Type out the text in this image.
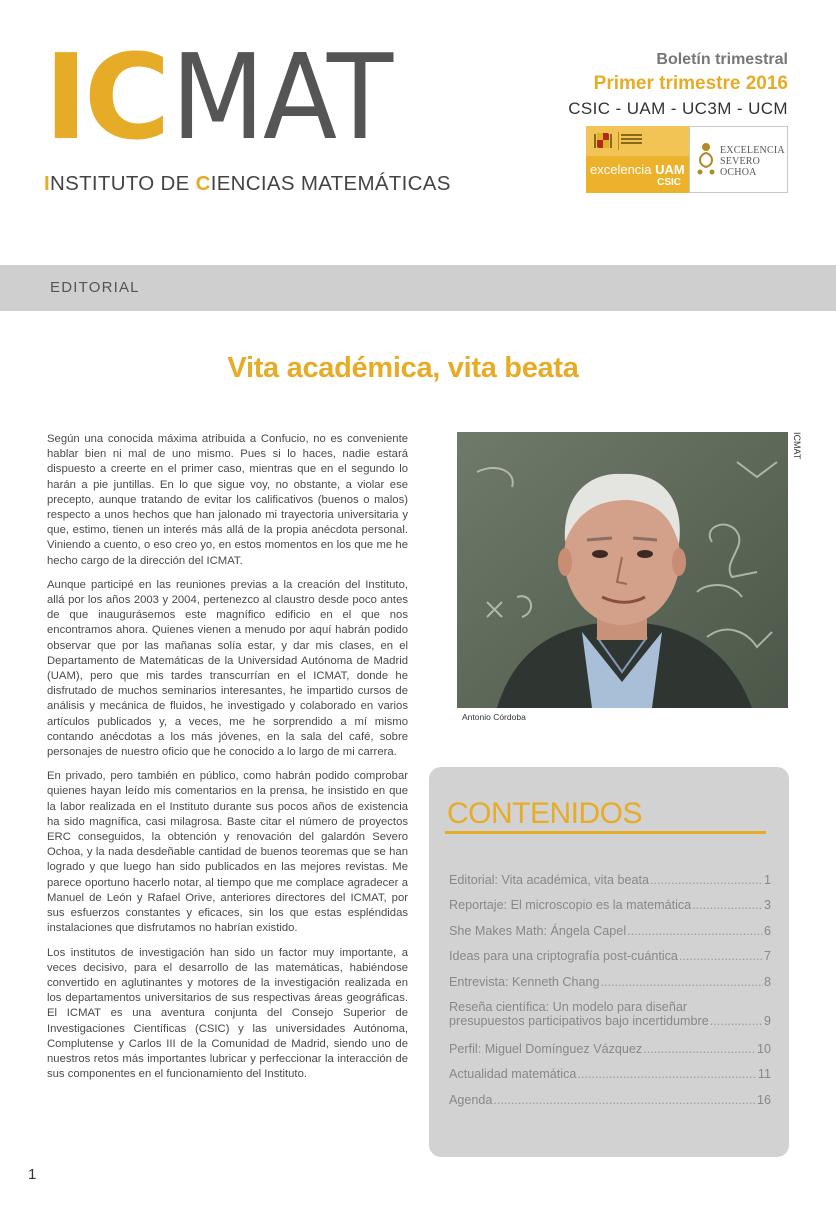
IC MAT
INSTITUTO DE CIENCIAS MATEMÁTICAS
Boletín trimestral
Primer trimestre 2016
CSIC - UAM - UC3M - UCM
excelencia UAM
CSIC
EXCELENCIA
SEVERO
OCHOA
EDITORIAL
Vita académica, vita beata

Según una conocida máxima atribuida a Confucio, no es conveniente hablar bien ni mal de uno mismo. Pues si lo haces, nadie estará dispuesto a creerte en el primer caso, mientras que en el segundo lo harán a pie juntillas. En lo que sigue voy, no obstante, a violar ese precepto, aunque tratando de evitar los calificativos (buenos o malos) respecto a unos hechos que han jalonado mi trayectoria universitaria y que, estimo, tienen un interés más allá de la propia anécdota personal. Viniendo a cuento, o eso creo yo, en estos momentos en los que me he hecho cargo de la dirección del ICMAT.

Aunque participé en las reuniones previas a la creación del Instituto, allá por los años 2003 y 2004, pertenezco al claustro desde poco antes de que inaugurásemos este magnífico edificio en el que nos encontramos ahora. Quienes vienen a menudo por aquí habrán podido observar que por las mañanas solía estar, y dar mis clases, en el Departamento de Matemáticas de la Universidad Autónoma de Madrid (UAM), pero que mis tardes transcurrían en el ICMAT, donde he disfrutado de muchos seminarios interesantes, he impartido cursos de análisis y mecánica de fluidos, he investigado y colaborado en varios artículos publicados y, a veces, me he sorprendido a mí mismo contando anécdotas a los más jóvenes, en la sala del café, sobre personajes de nuestro oficio que he conocido a lo largo de mi carrera.

En privado, pero también en público, como habrán podido comprobar quienes hayan leído mis comentarios en la prensa, he insistido en que la labor realizada en el Instituto durante sus pocos años de existencia ha sido magnífica, casi milagrosa. Baste citar el número de proyectos ERC conseguidos, la obtención y renovación del galardón Severo Ochoa, y la nada desdeñable cantidad de buenos teoremas que se han logrado y que luego han sido publicados en las mejores revistas. Me parece oportuno hacerlo notar, al tiempo que me complace agradecer a Manuel de León y Rafael Orive, anteriores directores del ICMAT, por sus esfuerzos constantes y eficaces, sin los que estas espléndidas instalaciones que disfrutamos no habrían existido.

Los institutos de investigación han sido un factor muy importante, a veces decisivo, para el desarrollo de las matemáticas, habiéndose convertido en aglutinantes y motores de la investigación realizada en los departamentos universitarios de sus respectivas áreas geográficas. El ICMAT es una aventura conjunta del Consejo Superior de Investigaciones Científicas (CSIC) y las universidades Autónoma, Complutense y Carlos III de la Comunidad de Madrid, siendo uno de nuestros retos más importantes lubricar y perfeccionar la interacción de sus componentes en el funcionamiento del Instituto.

ICMAT
Antonio Córdoba
CONTENIDOS
Editorial: Vita académica, vita beata .....	1
Reportaje: El microscopio es la matemática .....	3
She Makes Math: Ángela Capel .....	6
Ideas para una criptografía post-cuántica .....	7
Entrevista: Kenneth Chang .....	8
Reseña científica: Un modelo para diseñar
presupuestos participativos bajo incertidumbre .....	9
Perfil: Miguel Domínguez Vázquez .....	10
Actualidad matemática .....	11
Agenda .....	16
1
